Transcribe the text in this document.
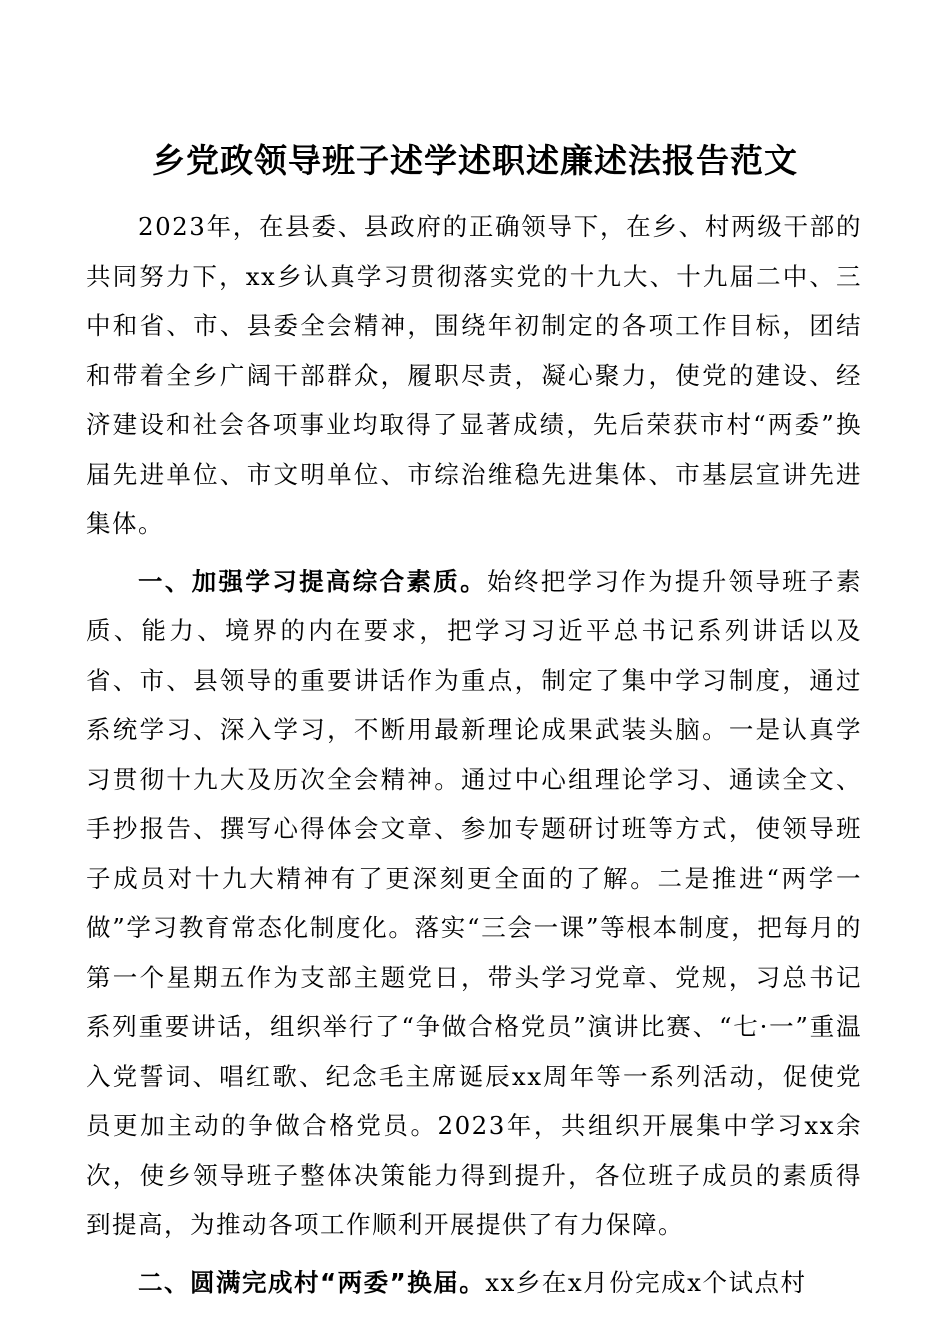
乡党政领导班子述学述职述廉述法报告范文

2023年，在县委、县政府的正确领导下，在乡、村两级干部的共同努力下，xx乡认真学习贯彻落实党的十九大、十九届二中、三中和省、市、县委全会精神，围绕年初制定的各项工作目标，团结和带着全乡广阔干部群众，履职尽责，凝心聚力，使党的建设、经济建设和社会各项事业均取得了显著成绩，先后荣获市村“两委”换届先进单位、市文明单位、市综治维稳先进集体、市基层宣讲先进集体。

一、加强学习提高综合素质。始终把学习作为提升领导班子素质、能力、境界的内在要求，把学习习近平总书记系列讲话以及省、市、县领导的重要讲话作为重点，制定了集中学习制度，通过系统学习、深入学习，不断用最新理论成果武装头脑。一是认真学习贯彻十九大及历次全会精神。通过中心组理论学习、通读全文、手抄报告、撰写心得体会文章、参加专题研讨班等方式，使领导班子成员对十九大精神有了更深刻更全面的了解。二是推进“两学一做”学习教育常态化制度化。落实“三会一课”等根本制度，把每月的第一个星期五作为支部主题党日，带头学习党章、党规，习总书记系列重要讲话，组织举行了“争做合格党员”演讲比赛、“七·一”重温入党誓词、唱红歌、纪念毛主席诞辰xx周年等一系列活动，促使党员更加主动的争做合格党员。2023年，共组织开展集中学习xx余次，使乡领导班子整体决策能力得到提升，各位班子成员的素质得到提高，为推动各项工作顺利开展提供了有力保障。

二、圆满完成村“两委”换届。xx乡在x月份完成x个试点村
